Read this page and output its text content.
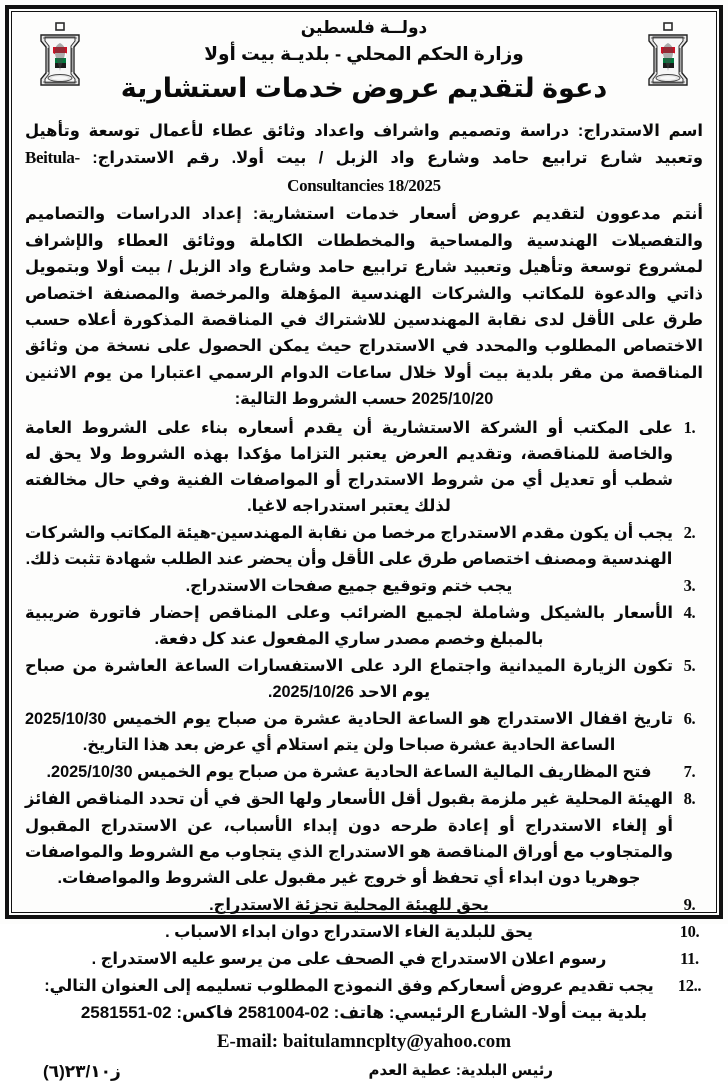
دولــة فلسطين
وزارة الحكم المحلي - بلديـة بيت أولا
دعوة لتقديم عروض خدمات استشارية

اسم الاستدراج: دراسة وتصميم واشراف واعداد وثائق عطاء لأعمال توسعة وتأهيل وتعبيد شارع ترابيع حامد وشارع واد الزبل / بيت أولا. رقم الاستدراج: Beitula-Consultancies 18/2025

أنتم مدعوون لتقديم عروض أسعار خدمات استشارية: إعداد الدراسات والتصاميم والتفصيلات الهندسية والمساحية والمخططات الكاملة ووثائق العطاء والإشراف لمشروع توسعة وتأهيل وتعبيد شارع ترابيع حامد وشارع واد الزبل / بيت أولا وبتمويل ذاتي والدعوة للمكاتب والشركات الهندسية المؤهلة والمرخصة والمصنفة اختصاص طرق على الأقل لدى نقابة المهندسين للاشتراك في المناقصة المذكورة أعلاه حسب الاختصاص المطلوب والمحدد في الاستدراج حيث يمكن الحصول على نسخة من وثائق المناقصة من مقر بلدية بيت أولا خلال ساعات الدوام الرسمي اعتبارا من يوم الاثنين 2025/10/20 حسب الشروط التالية:

1.
على المكتب أو الشركة الاستشارية أن يقدم أسعاره بناء على الشروط العامة والخاصة للمناقصة، وتقديم العرض يعتبر التزاما مؤكدا بهذه الشروط ولا يحق له شطب أو تعديل أي من شروط الاستدراج أو المواصفات الفنية وفي حال مخالفته لذلك يعتبر استدراجه لاغيا.
2.
يجب أن يكون مقدم الاستدراج مرخصا من نقابة المهندسين-هيئة المكاتب والشركات الهندسية ومصنف اختصاص طرق على الأقل وأن يحضر عند الطلب شهادة تثبت ذلك.
3.
يجب ختم وتوقيع جميع صفحات الاستدراج.
4.
الأسعار بالشيكل وشاملة لجميع الضرائب وعلى المناقص إحضار فاتورة ضريبية بالمبلغ وخصم مصدر ساري المفعول عند كل دفعة.
5.
تكون الزيارة الميدانية واجتماع الرد على الاستفسارات الساعة العاشرة من صباح يوم الاحد 2025/10/26.
6.
تاريخ اقفال الاستدراج هو الساعة الحادية عشرة من صباح يوم الخميس 2025/10/30 الساعة الحادية عشرة صباحا ولن يتم استلام أي عرض بعد هذا التاريخ.
7.
فتح المظاريف المالية الساعة الحادية عشرة من صباح يوم الخميس 2025/10/30.
8.
الهيئة المحلية غير ملزمة بقبول أقل الأسعار ولها الحق في أن تحدد المناقص الفائز أو إلغاء الاستدراج أو إعادة طرحه دون إبداء الأسباب، عن الاستدراج المقبول والمتجاوب مع أوراق المناقصة هو الاستدراج الذي يتجاوب مع الشروط والمواصفات جوهريا دون ابداء أي تحفظ أو خروج غير مقبول على الشروط والمواصفات.
9.
يحق للهيئة المحلية تجزئة الاستدراج.
10.
يحق للبلدية الغاء الاستدراج دوان ابداء الاسباب .
11.
رسوم اعلان الاستدراج في الصحف على من يرسو عليه الاستدراج .
12..
يجب تقديم عروض أسعاركم وفق النموذج المطلوب تسليمه إلى العنوان التالي:
بلدية بيت أولا- الشارع الرئيسي: هاتف: 02-2581004 فاكس: 02-2581551
E-mail: baitulamncplty@yahoo.com
رئيس البلدية: عطية العدم
ز٢٣/١٠(٦)
